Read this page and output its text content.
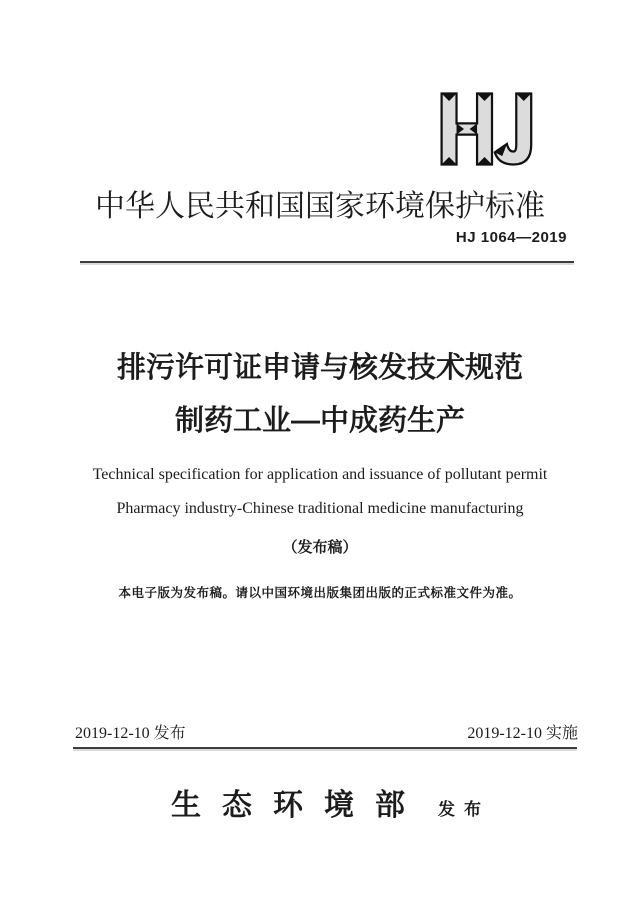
中华人民共和国国家环境保护标准
HJ 1064—2019
排污许可证申请与核发技术规范
制药工业—中成药生产
Technical specification for application and issuance of pollutant permit
Pharmacy industry-Chinese traditional medicine manufacturing
（发布稿）
本电子版为发布稿。请以中国环境出版集团出版的正式标准文件为准。
2019-12-10 发布	2019-12-10 实施
生态环境部 发布
